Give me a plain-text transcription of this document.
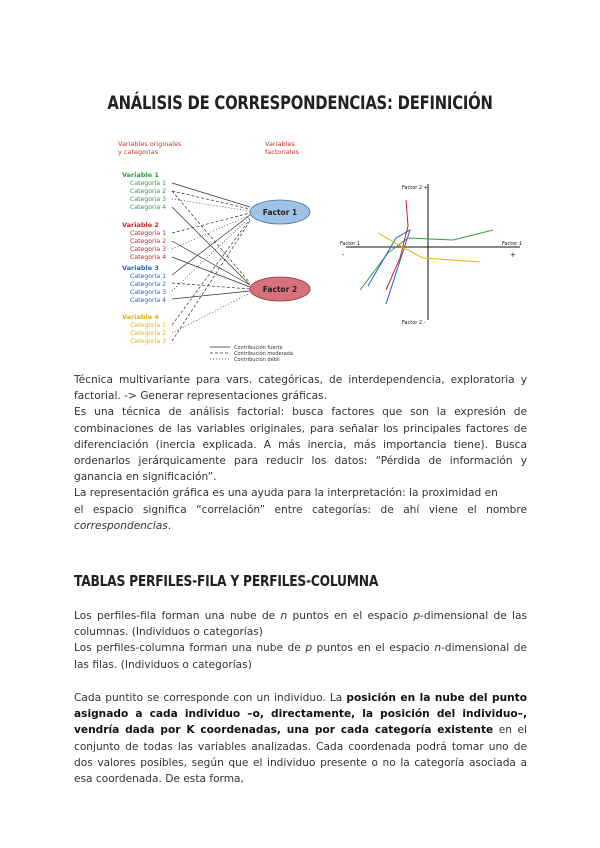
ANÁLISIS DE CORRESPONDENCIAS: DEFINICIÓN
Variables originales
y categorías
Variables
factoriales
Factor 1
Factor 2
Variable 1
Categoría 1
Categoría 2
Categoría 3
Categoría 4
Variable 2
Categoría 1
Categoría 2
Categoría 3
Categoría 4
Variable 3
Categoría 1
Categoría 2
Categoría 3
Categoría 4
Variable 4
Categoría 1
Categoría 2
Categoría 3
Contribución fuerte
Contribución moderada
Contribución débil
Factor 2 +
Factor 2 -
Factor 1	Factor 1
-	+

Técnica multivariante para vars. categóricas, de interdependencia, exploratoria y factorial. -> Generar representaciones gráficas.

Es una técnica de análisis factorial: busca factores que son la expresión de combinaciones de las variables originales, para señalar los principales factores de diferenciación (inercia explicada. A más inercia, más importancia tiene). Busca ordenarlos jerárquicamente para reducir los datos: “Pérdida de información y ganancia en significación”.

La representación gráfica es una ayuda para la interpretación: la proximidad en

el espacio significa “correlación” entre categorías: de ahí viene el nombre correspondencias.

TABLAS PERFILES-FILA Y PERFILES-COLUMNA

Los perfiles-fila forman una nube de n puntos en el espacio p-dimensional de las columnas. (Individuos o categorías)

Los perfiles-columna forman una nube de p puntos en el espacio n-dimensional de las filas. (Individuos o categorías)

Cada puntito se corresponde con un individuo. La posición en la nube del punto asignado a cada individuo –o, directamente, la posición del individuo–, vendría dada por K coordenadas, una por cada categoría existente en el conjunto de todas las variables analizadas. Cada coordenada podrá tomar uno de dos valores posibles, según que el individuo presente o no la categoría asociada a esa coordenada. De esta forma,
